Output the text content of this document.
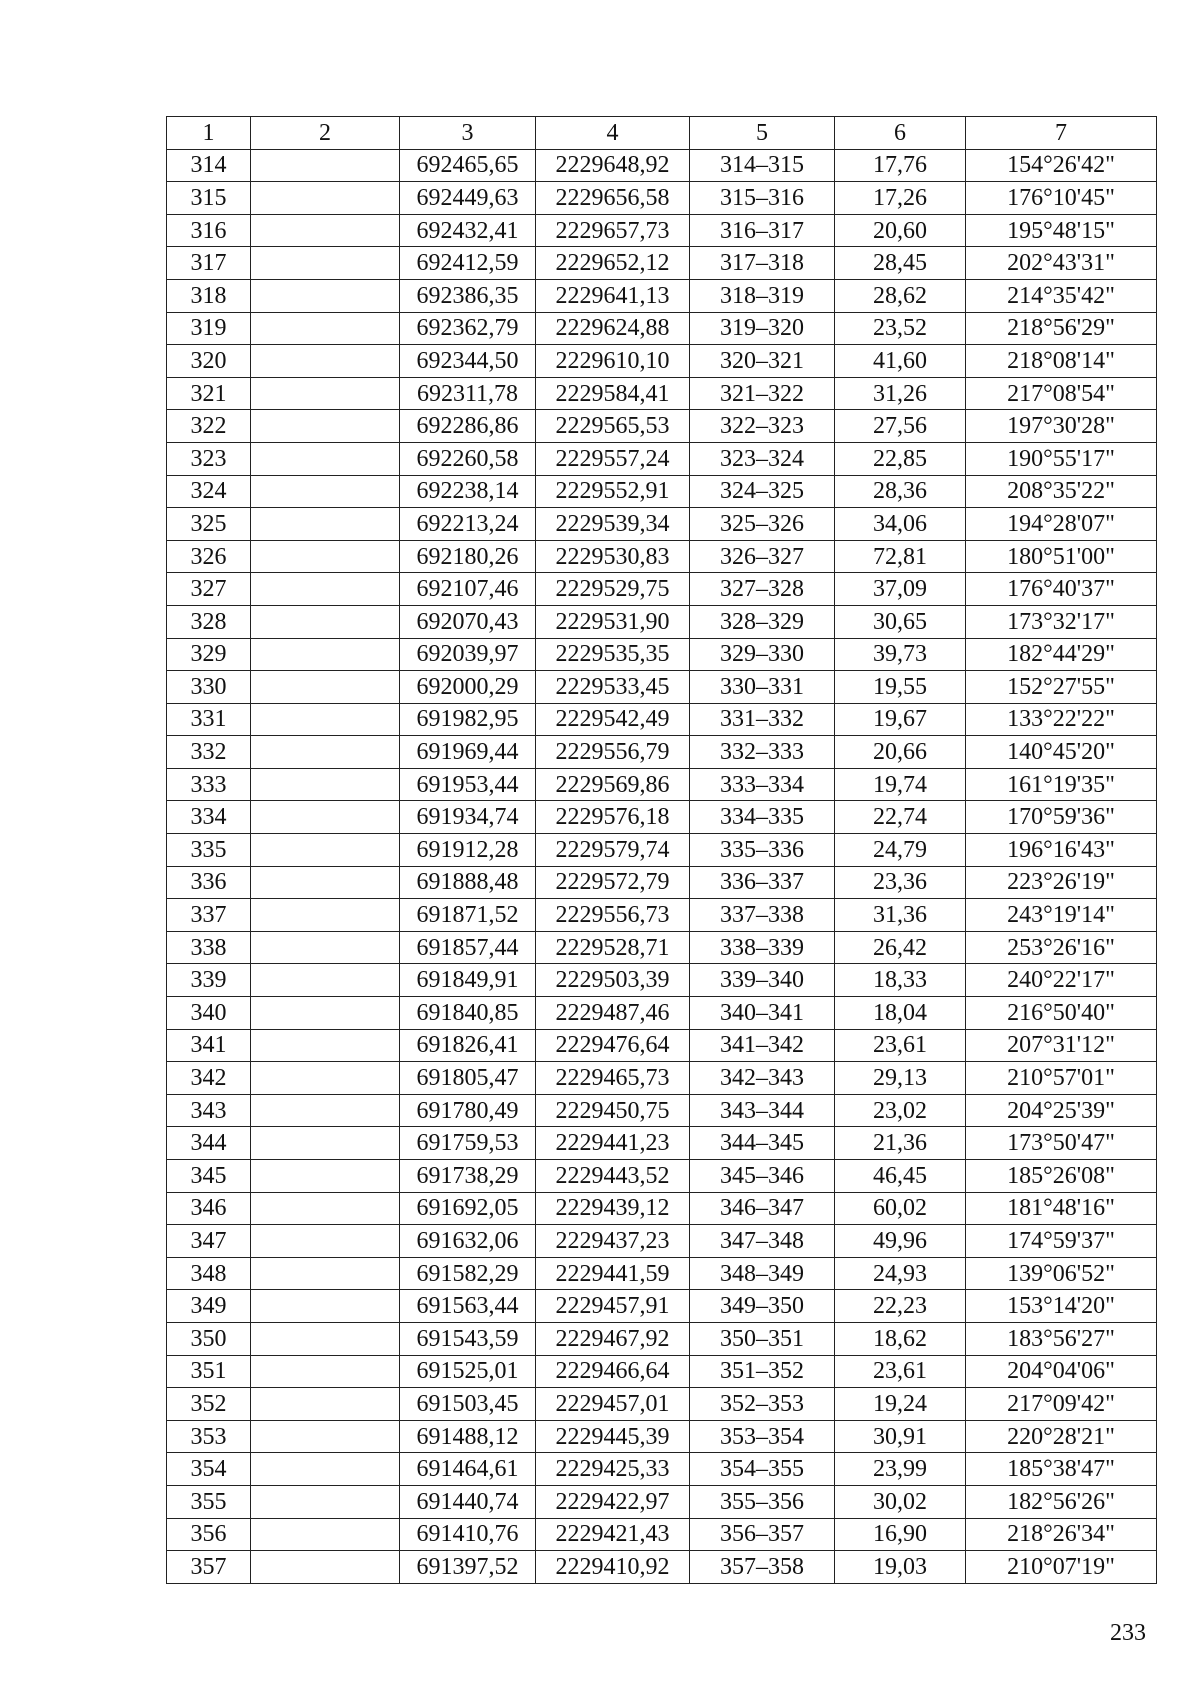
1	2	3	4	5	6	7
314		692465,65	2229648,92	314–315	17,76	154°26'42"
315		692449,63	2229656,58	315–316	17,26	176°10'45"
316		692432,41	2229657,73	316–317	20,60	195°48'15"
317		692412,59	2229652,12	317–318	28,45	202°43'31"
318		692386,35	2229641,13	318–319	28,62	214°35'42"
319		692362,79	2229624,88	319–320	23,52	218°56'29"
320		692344,50	2229610,10	320–321	41,60	218°08'14"
321		692311,78	2229584,41	321–322	31,26	217°08'54"
322		692286,86	2229565,53	322–323	27,56	197°30'28"
323		692260,58	2229557,24	323–324	22,85	190°55'17"
324		692238,14	2229552,91	324–325	28,36	208°35'22"
325		692213,24	2229539,34	325–326	34,06	194°28'07"
326		692180,26	2229530,83	326–327	72,81	180°51'00"
327		692107,46	2229529,75	327–328	37,09	176°40'37"
328		692070,43	2229531,90	328–329	30,65	173°32'17"
329		692039,97	2229535,35	329–330	39,73	182°44'29"
330		692000,29	2229533,45	330–331	19,55	152°27'55"
331		691982,95	2229542,49	331–332	19,67	133°22'22"
332		691969,44	2229556,79	332–333	20,66	140°45'20"
333		691953,44	2229569,86	333–334	19,74	161°19'35"
334		691934,74	2229576,18	334–335	22,74	170°59'36"
335		691912,28	2229579,74	335–336	24,79	196°16'43"
336		691888,48	2229572,79	336–337	23,36	223°26'19"
337		691871,52	2229556,73	337–338	31,36	243°19'14"
338		691857,44	2229528,71	338–339	26,42	253°26'16"
339		691849,91	2229503,39	339–340	18,33	240°22'17"
340		691840,85	2229487,46	340–341	18,04	216°50'40"
341		691826,41	2229476,64	341–342	23,61	207°31'12"
342		691805,47	2229465,73	342–343	29,13	210°57'01"
343		691780,49	2229450,75	343–344	23,02	204°25'39"
344		691759,53	2229441,23	344–345	21,36	173°50'47"
345		691738,29	2229443,52	345–346	46,45	185°26'08"
346		691692,05	2229439,12	346–347	60,02	181°48'16"
347		691632,06	2229437,23	347–348	49,96	174°59'37"
348		691582,29	2229441,59	348–349	24,93	139°06'52"
349		691563,44	2229457,91	349–350	22,23	153°14'20"
350		691543,59	2229467,92	350–351	18,62	183°56'27"
351		691525,01	2229466,64	351–352	23,61	204°04'06"
352		691503,45	2229457,01	352–353	19,24	217°09'42"
353		691488,12	2229445,39	353–354	30,91	220°28'21"
354		691464,61	2229425,33	354–355	23,99	185°38'47"
355		691440,74	2229422,97	355–356	30,02	182°56'26"
356		691410,76	2229421,43	356–357	16,90	218°26'34"
357		691397,52	2229410,92	357–358	19,03	210°07'19"
233
